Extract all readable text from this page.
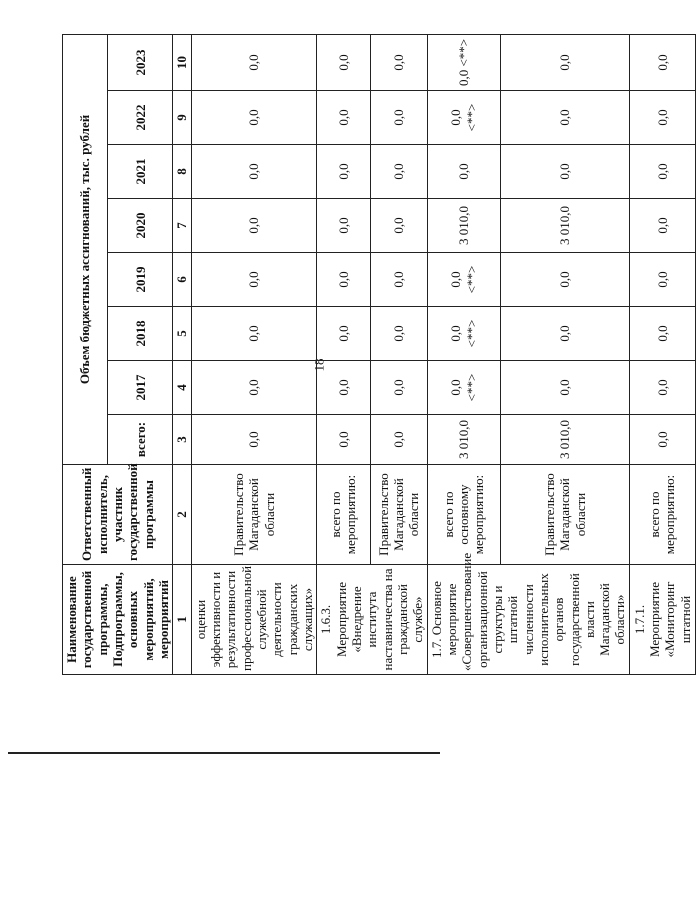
18
Наименование государственной программы, Подпрограммы, основных мероприятий, мероприятий	Ответственный исполнитель, участник государственной программы	Объем бюджетных ассигнований, тыс. рублей							
		всего:	2017	2018	2019	2020	2021	2022	2023
1	2	3	4	5	6	7	8	9	10
оценки эффективности и результативности профессиональной служебной деятельности гражданских служащих»	Правительство Магаданской области	0,0	0,0	0,0	0,0	0,0	0,0	0,0	0,0
1.6.3. Мероприятие «Внедрение института наставничества на гражданской службе»	всего по мероприятию:	0,0	0,0	0,0	0,0	0,0	0,0	0,0	0,0
	Правительство Магаданской области	0,0	0,0	0,0	0,0	0,0	0,0	0,0	0,0
1.7. Основное мероприятие «Совершенствование организационной структуры и штатной численности исполнительных органов государственной власти Магаданской области»	всего по основному мероприятию:	3 010,0	0,0 <**>	0,0 <**>	0,0 <**>	3 010,0	0,0	0,0 <**>	0,0 <**>
	Правительство Магаданской области	3 010,0	0,0	0,0	0,0	3 010,0	0,0	0,0	0,0
1.7.1. Мероприятие «Мониторинг штатной	всего по мероприятию:	0,0	0,0	0,0	0,0	0,0	0,0	0,0	0,0
